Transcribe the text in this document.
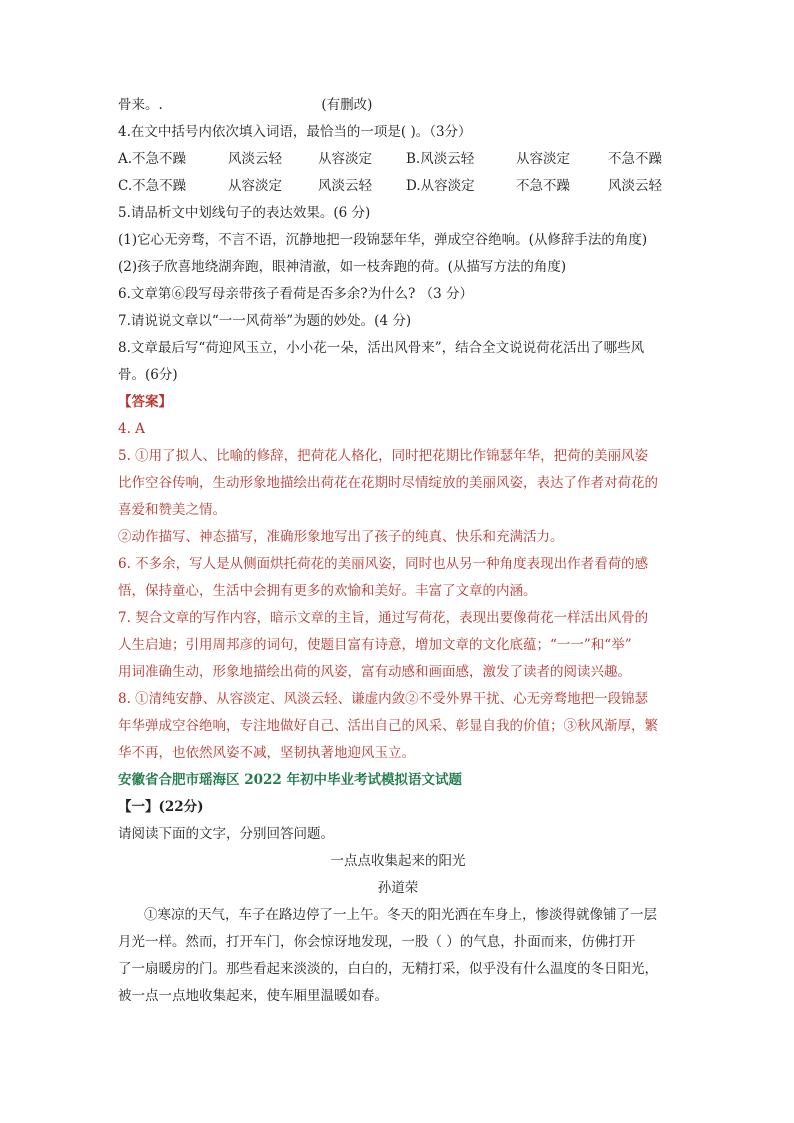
骨来。.	(有删改)
4.在文中括号内依次填入词语，最恰当的一项是( )。（3分）
A.不急不躁	风淡云轻	从容淡定	B.风淡云轻	从容淡定	不急不躁
C.不急不躁	从容淡定	风淡云轻	D.从容淡定	不急不躁	风淡云轻
5.请品析文中划线句子的表达效果。(6 分)
(1)它心无旁骛，不言不语，沉静地把一段锦瑟年华，弹成空谷绝响。(从修辞手法的角度)
(2)孩子欣喜地绕湖奔跑，眼神清澈，如一枝奔跑的荷。(从描写方法的角度)
6.文章第⑥段写母亲带孩子看荷是否多余?为什么? （3 分）
7.请说说文章以“一一风荷举”为题的妙处。(4 分)
8.文章最后写“荷迎风玉立，小小花一朵，活出风骨来”，结合全文说说荷花活出了哪些风
骨。(6分)
【答案】
4. A
5. ①用了拟人、比喻的修辞，把荷花人格化，同时把花期比作锦瑟年华，把荷的美丽风姿
比作空谷传响，生动形象地描绘出荷花在花期时尽情绽放的美丽风姿，表达了作者对荷花的
喜爱和赞美之情。
②动作描写、神态描写，准确形象地写出了孩子的纯真、快乐和充满活力。
6. 不多余，写人是从侧面烘托荷花的美丽风姿，同时也从另一种角度表现出作者看荷的感
悟，保持童心，生活中会拥有更多的欢愉和美好。丰富了文章的内涵。
7. 契合文章的写作内容，暗示文章的主旨，通过写荷花，表现出要像荷花一样活出风骨的
人生启迪；引用周邦彦的词句，使题目富有诗意，增加文章的文化底蕴；“一一”和“举”
用词准确生动，形象地描绘出荷的风姿，富有动感和画面感，激发了读者的阅读兴趣。
8. ①清纯安静、从容淡定、风淡云轻、谦虚内敛②不受外界干扰、心无旁骛地把一段锦瑟
年华弹成空谷绝响，专注地做好自己、活出自己的风采、彰显自我的价值；③秋风渐厚，繁
华不再，也依然风姿不减，坚韧执著地迎风玉立。
安徽省合肥市瑶海区 2022 年初中毕业考试模拟语文试题
【一】(22分)
请阅读下面的文字，分别回答问题。
一点点收集起来的阳光
孙道荣
①寒凉的天气，车子在路边停了一上午。冬天的阳光洒在车身上，惨淡得就像铺了一层
月光一样。然而，打开车门，你会惊讶地发现，一股（ ）的气息，扑面而来，仿佛打开
了一扇暖房的门。那些看起来淡淡的，白白的，无精打采，似乎没有什么温度的冬日阳光，
被一点一点地收集起来，使车厢里温暖如春。
